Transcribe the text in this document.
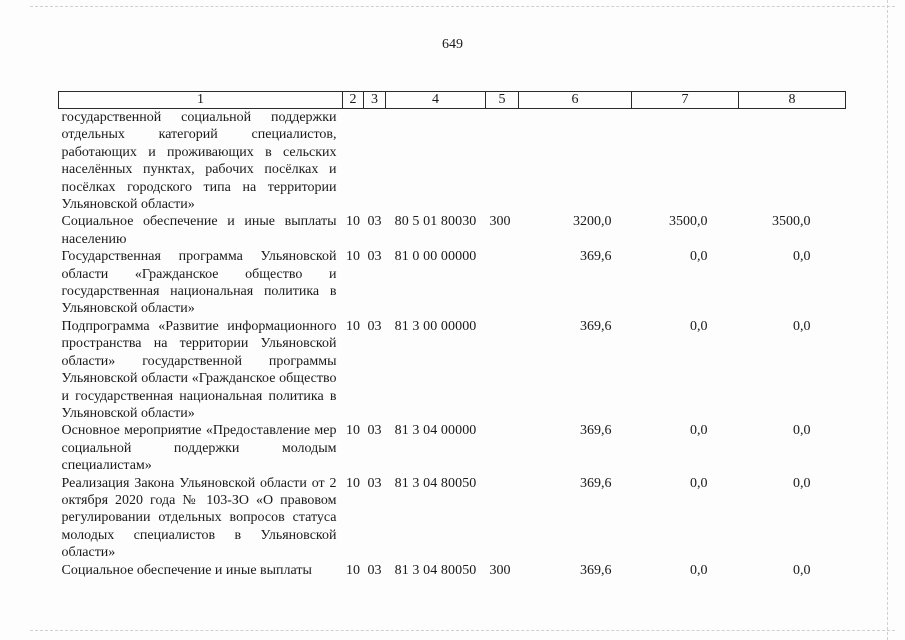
649
1	2	3	4	5	6	7	8
государственной социальной поддержки отдельных категорий специалистов, работающих и проживающих в сельских населённых пунктах, рабочих посёлках и посёлках городского типа на территории Ульяновской области»							
Социальное обеспечение и иные выплаты населению	10	03	80 5 01 80030	300	3200,0	3500,0	3500,0
Государственная программа Ульяновской области «Гражданское общество и государственная национальная политика в Ульяновской области»	10	03	81 0 00 00000		369,6	0,0	0,0
Подпрограмма «Развитие информационного пространства на территории Ульяновской области» государственной программы Ульяновской области «Гражданское общество и государственная национальная политика в Ульяновской области»	10	03	81 3 00 00000		369,6	0,0	0,0
Основное мероприятие «Предоставление мер социальной поддержки молодым специалистам»	10	03	81 3 04 00000		369,6	0,0	0,0
Реализация Закона Ульяновской области от 2 октября 2020 года № 103-ЗО «О правовом регулировании отдельных вопросов статуса молодых специалистов в Ульяновской области»	10	03	81 3 04 80050		369,6	0,0	0,0
Социальное обеспечение и иные выплаты	10	03	81 3 04 80050	300	369,6	0,0	0,0
